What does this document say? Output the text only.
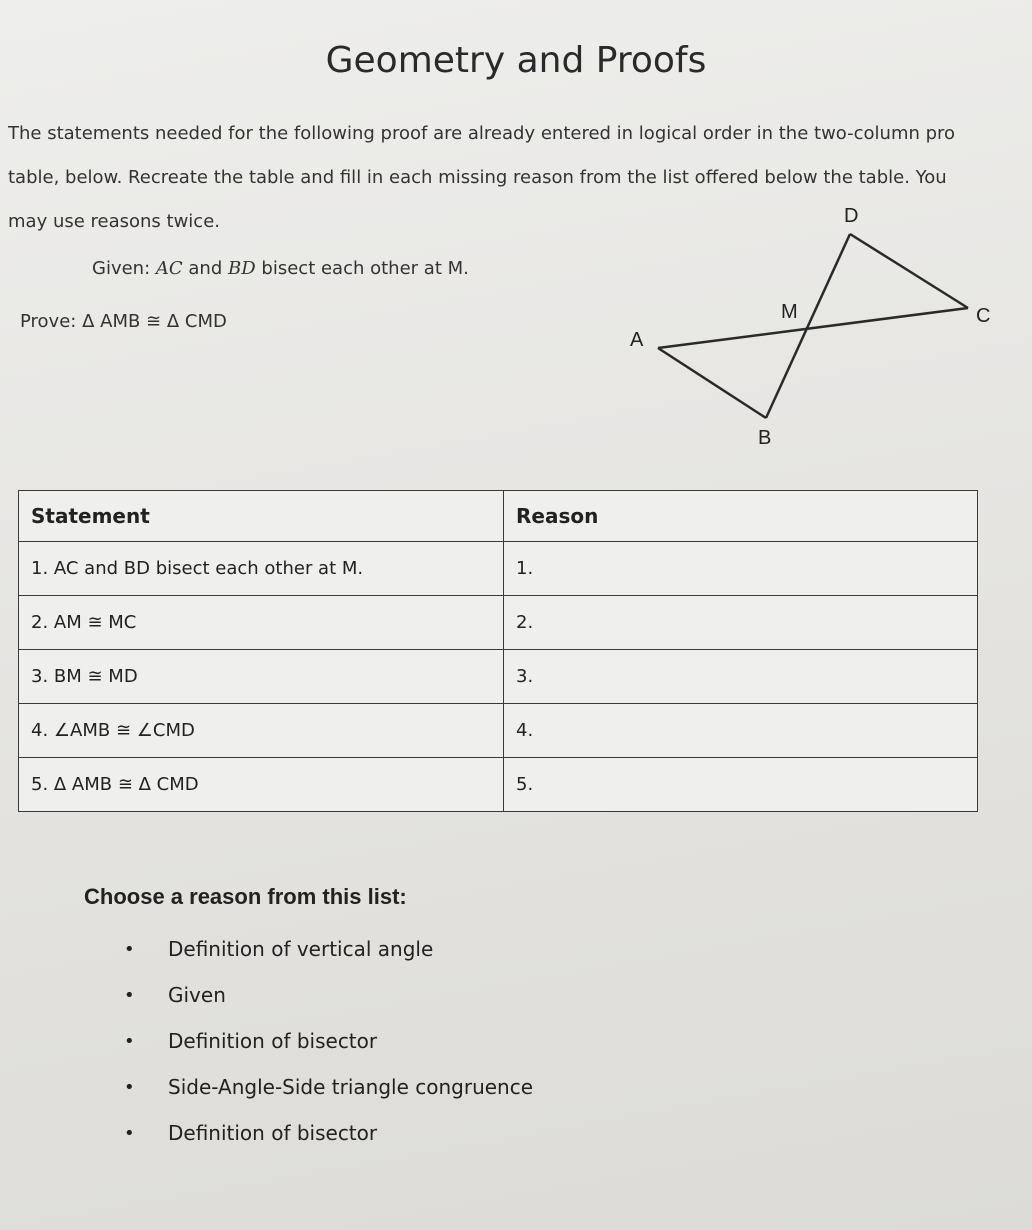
Geometry and Proofs
The statements needed for the following proof are already entered in logical order in the two-column pro
table, below. Recreate the table and fill in each missing reason from the list offered below the table. You
may use reasons twice.
Given: AC and BD bisect each other at M.
Prove: Δ AMB ≅ Δ CMD
D
M	C
A
B
Statement	Reason
1. AC and BD bisect each other at M.	1.
2. AM ≅ MC	2.
3. BM ≅ MD	3.
4. ∠AMB ≅ ∠CMD	4.
5. Δ AMB ≅ Δ CMD	5.
Choose a reason from this list:
•	Definition of vertical angle
•	Given
•	Definition of bisector
•	Side-Angle-Side triangle congruence
•	Definition of bisector
